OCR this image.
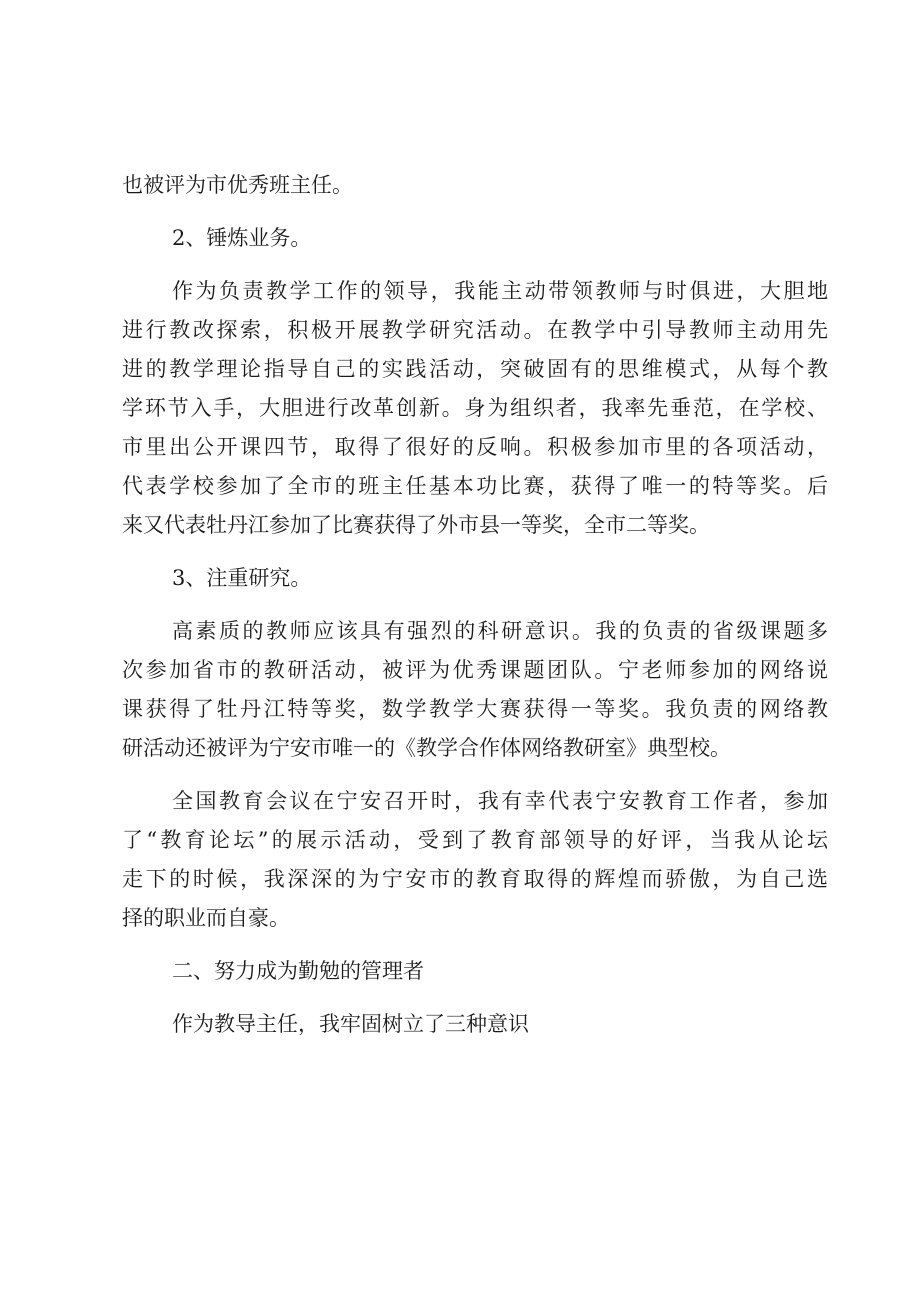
也被评为市优秀班主任。
2、锤炼业务。
作为负责教学工作的领导，我能主动带领教师与时俱进，大胆地
进行教改探索，积极开展教学研究活动。在教学中引导教师主动用先
进的教学理论指导自己的实践活动，突破固有的思维模式，从每个教
学环节入手，大胆进行改革创新。身为组织者，我率先垂范，在学校、
市里出公开课四节，取得了很好的反响。积极参加市里的各项活动，
代表学校参加了全市的班主任基本功比赛，获得了唯一的特等奖。后
来又代表牡丹江参加了比赛获得了外市县一等奖，全市二等奖。
3、注重研究。
高素质的教师应该具有强烈的科研意识。我的负责的省级课题多
次参加省市的教研活动，被评为优秀课题团队。宁老师参加的网络说
课获得了牡丹江特等奖，数学教学大赛获得一等奖。我负责的网络教
研活动还被评为宁安市唯一的《教学合作体网络教研室》典型校。
全国教育会议在宁安召开时，我有幸代表宁安教育工作者，参加
了“教育论坛”的展示活动，受到了教育部领导的好评，当我从论坛
走下的时候，我深深的为宁安市的教育取得的辉煌而骄傲，为自己选
择的职业而自豪。
二、努力成为勤勉的管理者
作为教导主任，我牢固树立了三种意识
